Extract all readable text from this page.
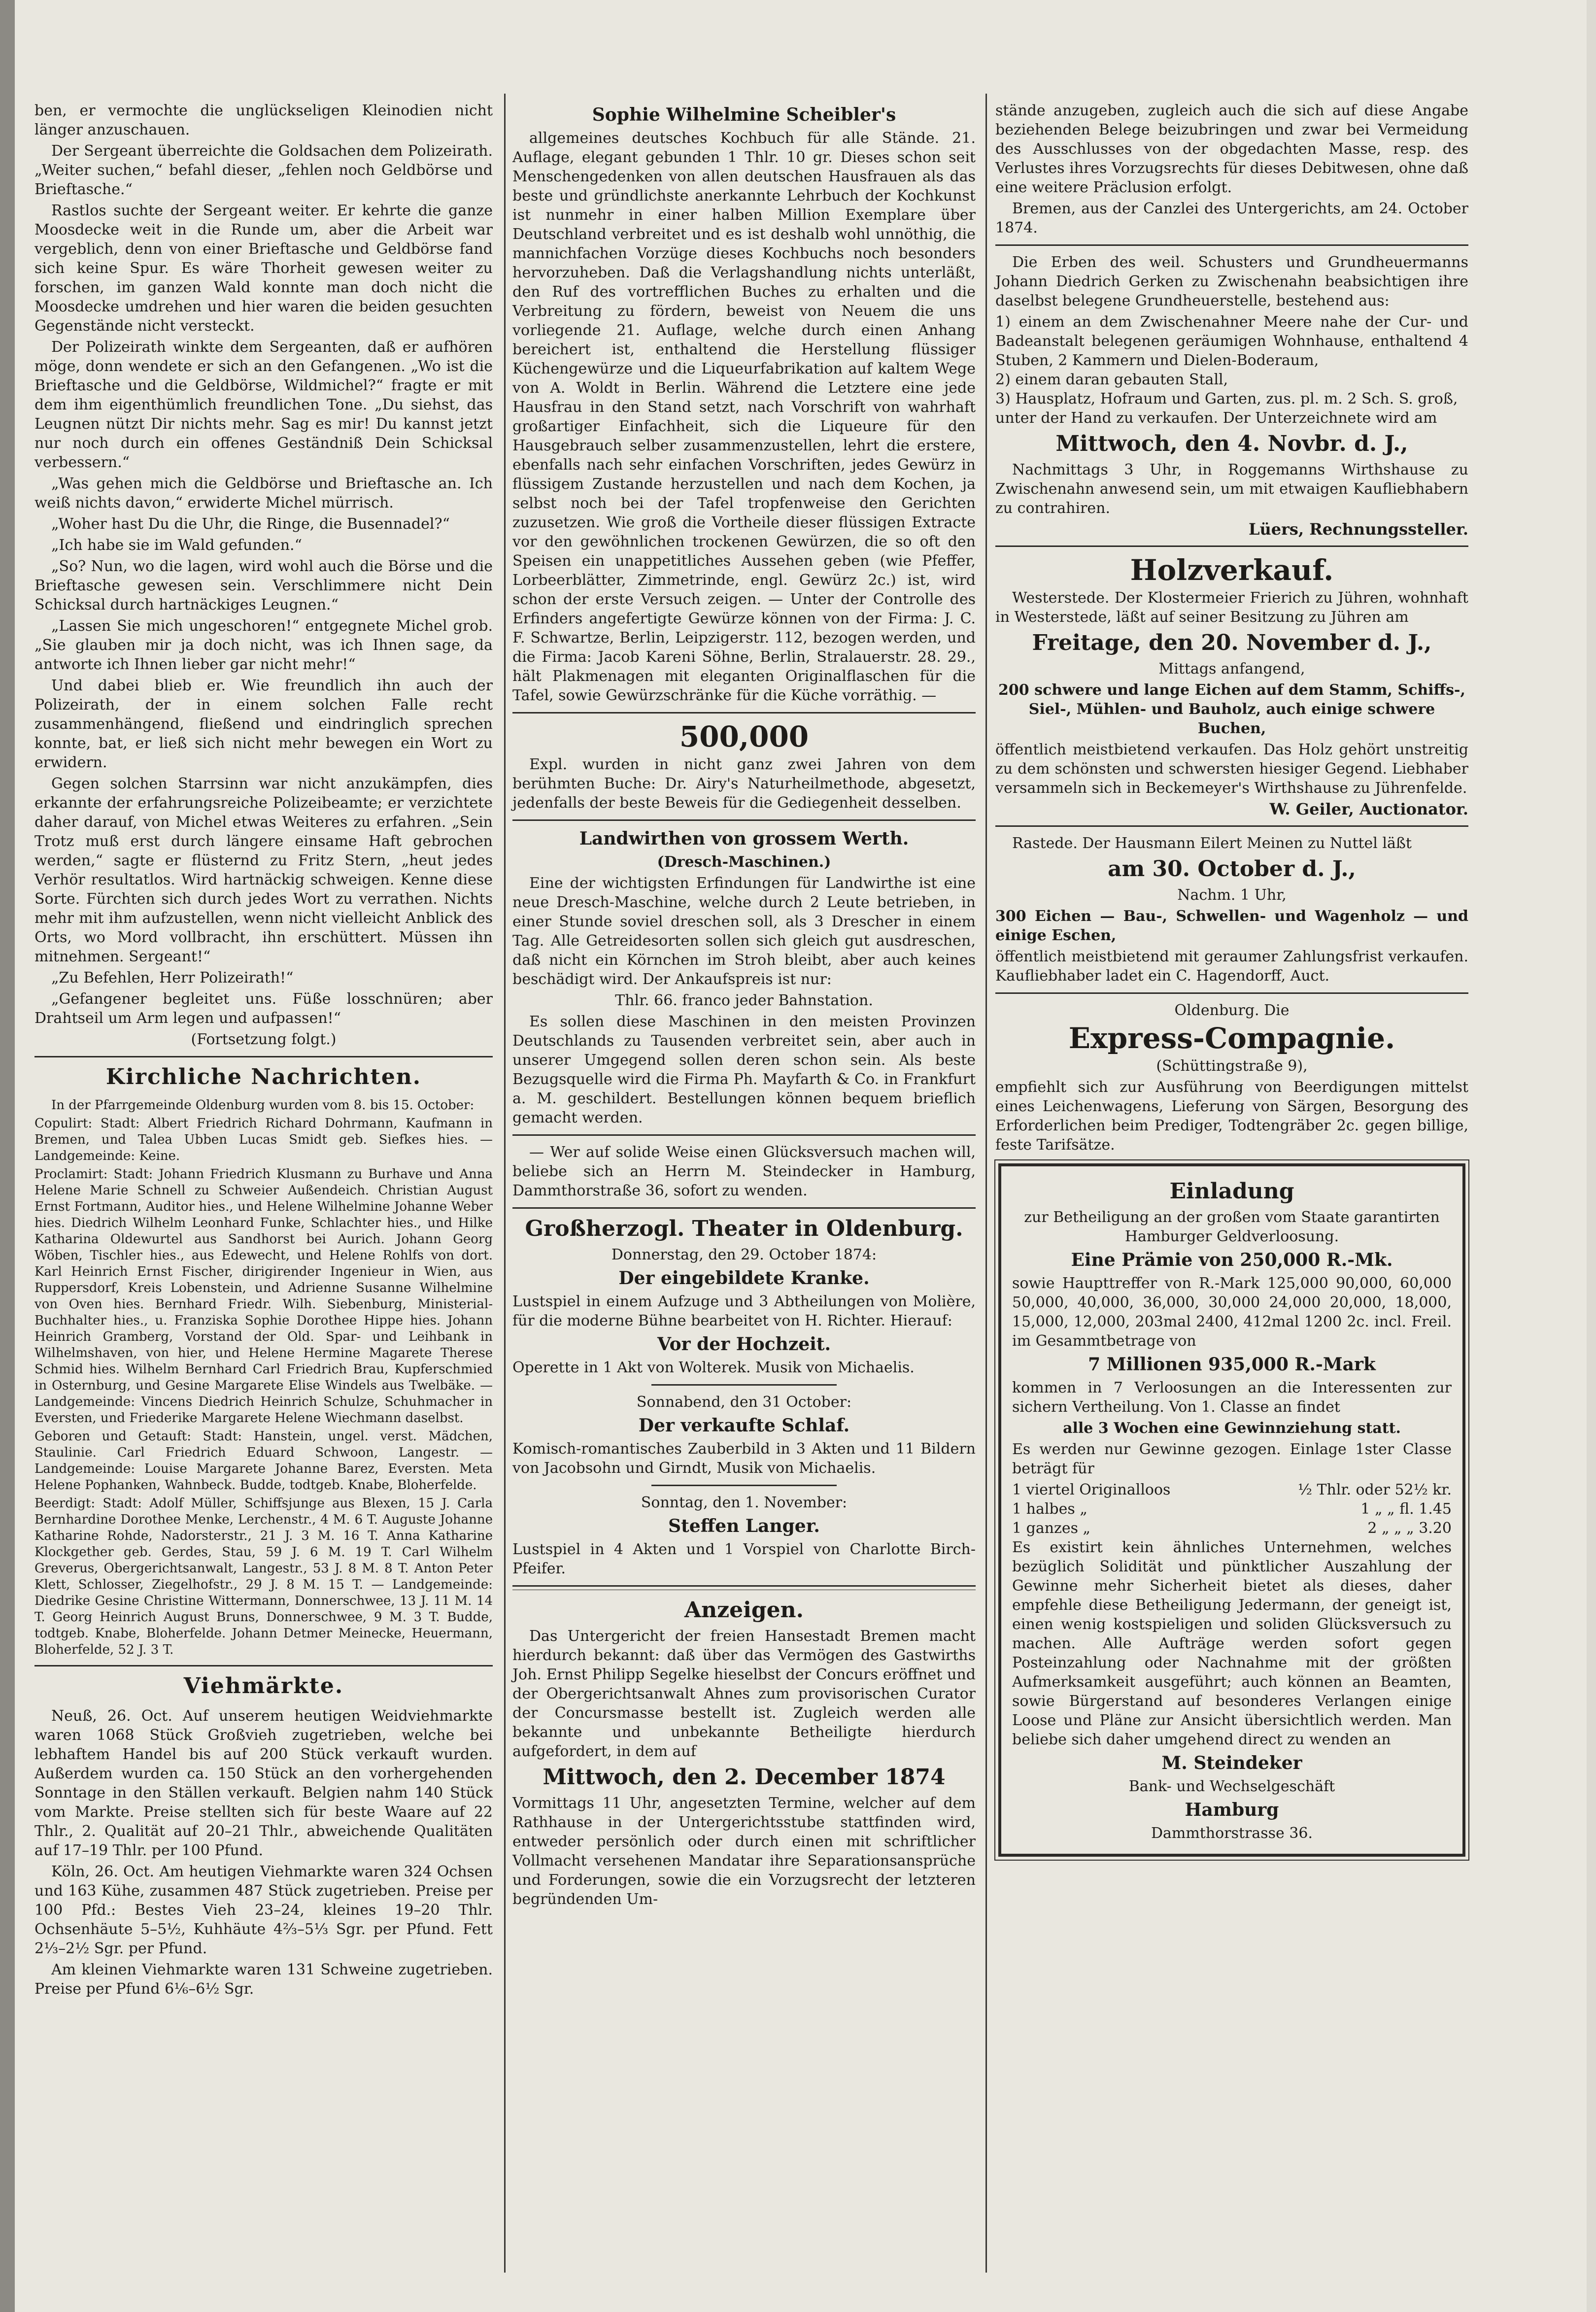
ben, er vermochte die unglückseligen Kleinodien nicht länger anzuschauen.

Der Sergeant überreichte die Goldsachen dem Polizeirath. „Weiter suchen,“ befahl dieser, „fehlen noch Geldbörse und Brieftasche.“

Rastlos suchte der Sergeant weiter. Er kehrte die ganze Moosdecke weit in die Runde um, aber die Arbeit war vergeblich, denn von einer Brieftasche und Geldbörse fand sich keine Spur. Es wäre Thorheit gewesen weiter zu forschen, im ganzen Wald konnte man doch nicht die Moosdecke umdrehen und hier waren die beiden gesuchten Gegenstände nicht versteckt.

Der Polizeirath winkte dem Sergeanten, daß er aufhören möge, donn wendete er sich an den Gefangenen. „Wo ist die Brieftasche und die Geldbörse, Wildmichel?“ fragte er mit dem ihm eigenthümlich freundlichen Tone. „Du siehst, das Leugnen nützt Dir nichts mehr. Sag es mir! Du kannst jetzt nur noch durch ein offenes Geständniß Dein Schicksal verbessern.“

„Was gehen mich die Geldbörse und Brieftasche an. Ich weiß nichts davon,“ erwiderte Michel mürrisch.

„Woher hast Du die Uhr, die Ringe, die Busennadel?“

„Ich habe sie im Wald gefunden.“

„So? Nun, wo die lagen, wird wohl auch die Börse und die Brieftasche gewesen sein. Verschlimmere nicht Dein Schicksal durch hartnäckiges Leugnen.“

„Lassen Sie mich ungeschoren!“ entgegnete Michel grob. „Sie glauben mir ja doch nicht, was ich Ihnen sage, da antworte ich Ihnen lieber gar nicht mehr!“

Und dabei blieb er. Wie freundlich ihn auch der Polizeirath, der in einem solchen Falle recht zusammenhängend, fließend und eindringlich sprechen konnte, bat, er ließ sich nicht mehr bewegen ein Wort zu erwidern.

Gegen solchen Starrsinn war nicht anzukämpfen, dies erkannte der erfahrungsreiche Polizeibeamte; er verzichtete daher darauf, von Michel etwas Weiteres zu erfahren. „Sein Trotz muß erst durch längere einsame Haft gebrochen werden,“ sagte er flüsternd zu Fritz Stern, „heut jedes Verhör resultatlos. Wird hartnäckig schweigen. Kenne diese Sorte. Fürchten sich durch jedes Wort zu verrathen. Nichts mehr mit ihm aufzustellen, wenn nicht vielleicht Anblick des Orts, wo Mord vollbracht, ihn erschüttert. Müssen ihn mitnehmen. Sergeant!“

„Zu Befehlen, Herr Polizeirath!“

„Gefangener begleitet uns. Füße losschnüren; aber Drahtseil um Arm legen und aufpassen!“

(Fortsetzung folgt.)

Kirchliche Nachrichten.

In der Pfarrgemeinde Oldenburg wurden vom 8. bis 15. October:

Copulirt: Stadt: Albert Friedrich Richard Dohrmann, Kaufmann in Bremen, und Talea Ubben Lucas Smidt geb. Siefkes hies. — Landgemeinde: Keine.

Proclamirt: Stadt: Johann Friedrich Klusmann zu Burhave und Anna Helene Marie Schnell zu Schweier Außendeich. Christian August Ernst Fortmann, Auditor hies., und Helene Wilhelmine Johanne Weber hies. Diedrich Wilhelm Leonhard Funke, Schlachter hies., und Hilke Katharina Oldewurtel aus Sandhorst bei Aurich. Johann Georg Wöben, Tischler hies., aus Edewecht, und Helene Rohlfs von dort. Karl Heinrich Ernst Fischer, dirigirender Ingenieur in Wien, aus Ruppersdorf, Kreis Lobenstein, und Adrienne Susanne Wilhelmine von Oven hies. Bernhard Friedr. Wilh. Siebenburg, Ministerial-Buchhalter hies., u. Franziska Sophie Dorothee Hippe hies. Johann Heinrich Gramberg, Vorstand der Old. Spar- und Leihbank in Wilhelmshaven, von hier, und Helene Hermine Magarete Therese Schmid hies. Wilhelm Bernhard Carl Friedrich Brau, Kupferschmied in Osternburg, und Gesine Margarete Elise Windels aus Twelbäke. — Landgemeinde: Vincens Diedrich Heinrich Schulze, Schuhmacher in Eversten, und Friederike Margarete Helene Wiechmann daselbst.

Geboren und Getauft: Stadt: Hanstein, ungel. verst. Mädchen, Staulinie. Carl Friedrich Eduard Schwoon, Langestr. — Landgemeinde: Louise Margarete Johanne Barez, Eversten. Meta Helene Pophanken, Wahnbeck. Budde, todtgeb. Knabe, Bloherfelde.

Beerdigt: Stadt: Adolf Müller, Schiffsjunge aus Blexen, 15 J. Carla Bernhardine Dorothee Menke, Lerchenstr., 4 M. 6 T. Auguste Johanne Katharine Rohde, Nadorsterstr., 21 J. 3 M. 16 T. Anna Katharine Klockgether geb. Gerdes, Stau, 59 J. 6 M. 19 T. Carl Wilhelm Greverus, Obergerichtsanwalt, Langestr., 53 J. 8 M. 8 T. Anton Peter Klett, Schlosser, Ziegelhofstr., 29 J. 8 M. 15 T. — Landgemeinde: Diedrike Gesine Christine Wittermann, Donnerschwee, 13 J. 11 M. 14 T. Georg Heinrich August Bruns, Donnerschwee, 9 M. 3 T. Budde, todtgeb. Knabe, Bloherfelde. Johann Detmer Meinecke, Heuermann, Bloherfelde, 52 J. 3 T.

Viehmärkte.

Neuß, 26. Oct. Auf unserem heutigen Weidviehmarkte waren 1068 Stück Großvieh zugetrieben, welche bei lebhaftem Handel bis auf 200 Stück verkauft wurden. Außerdem wurden ca. 150 Stück an den vorhergehenden Sonntage in den Ställen verkauft. Belgien nahm 140 Stück vom Markte. Preise stellten sich für beste Waare auf 22 Thlr., 2. Qualität auf 20–21 Thlr., abweichende Qualitäten auf 17–19 Thlr. per 100 Pfund.

Köln, 26. Oct. Am heutigen Viehmarkte waren 324 Ochsen und 163 Kühe, zusammen 487 Stück zugetrieben. Preise per 100 Pfd.: Bestes Vieh 23–24, kleines 19–20 Thlr. Ochsenhäute 5–5½, Kuhhäute 4⅔–5⅓ Sgr. per Pfund. Fett 2⅓–2½ Sgr. per Pfund.

Am kleinen Viehmarkte waren 131 Schweine zugetrieben. Preise per Pfund 6⅙–6½ Sgr.

Sophie Wilhelmine Scheibler's

allgemeines deutsches Kochbuch für alle Stände. 21. Auflage, elegant gebunden 1 Thlr. 10 gr. Dieses schon seit Menschengedenken von allen deutschen Hausfrauen als das beste und gründlichste anerkannte Lehrbuch der Kochkunst ist nunmehr in einer halben Million Exemplare über Deutschland verbreitet und es ist deshalb wohl unnöthig, die mannichfachen Vorzüge dieses Kochbuchs noch besonders hervorzuheben. Daß die Verlagshandlung nichts unterläßt, den Ruf des vortrefflichen Buches zu erhalten und die Verbreitung zu fördern, beweist von Neuem die uns vorliegende 21. Auflage, welche durch einen Anhang bereichert ist, enthaltend die Herstellung flüssiger Küchengewürze und die Liqueurfabrikation auf kaltem Wege von A. Woldt in Berlin. Während die Letztere eine jede Hausfrau in den Stand setzt, nach Vorschrift von wahrhaft großartiger Einfachheit, sich die Liqueure für den Hausgebrauch selber zusammenzustellen, lehrt die erstere, ebenfalls nach sehr einfachen Vorschriften, jedes Gewürz in flüssigem Zustande herzustellen und nach dem Kochen, ja selbst noch bei der Tafel tropfenweise den Gerichten zuzusetzen. Wie groß die Vortheile dieser flüssigen Extracte vor den gewöhnlichen trockenen Gewürzen, die so oft den Speisen ein unappetitliches Aussehen geben (wie Pfeffer, Lorbeerblätter, Zimmetrinde, engl. Gewürz 2c.) ist, wird schon der erste Versuch zeigen. — Unter der Controlle des Erfinders angefertigte Gewürze können von der Firma: J. C. F. Schwartze, Berlin, Leipzigerstr. 112, bezogen werden, und die Firma: Jacob Kareni Söhne, Berlin, Stralauerstr. 28. 29., hält Plakmenagen mit eleganten Originalflaschen für die Tafel, sowie Gewürzschränke für die Küche vorräthig. —

500,000

Expl. wurden in nicht ganz zwei Jahren von dem berühmten Buche: Dr. Airy's Naturheilmethode, abgesetzt, jedenfalls der beste Beweis für die Gediegenheit desselben.

Landwirthen von grossem Werth.

(Dresch-Maschinen.)

Eine der wichtigsten Erfindungen für Landwirthe ist eine neue Dresch-Maschine, welche durch 2 Leute betrieben, in einer Stunde soviel dreschen soll, als 3 Drescher in einem Tag. Alle Getreidesorten sollen sich gleich gut ausdreschen, daß nicht ein Körnchen im Stroh bleibt, aber auch keines beschädigt wird. Der Ankaufspreis ist nur:

Thlr. 66. franco jeder Bahnstation.

Es sollen diese Maschinen in den meisten Provinzen Deutschlands zu Tausenden verbreitet sein, aber auch in unserer Umgegend sollen deren schon sein. Als beste Bezugsquelle wird die Firma Ph. Mayfarth & Co. in Frankfurt a. M. geschildert. Bestellungen können bequem brieflich gemacht werden.

— Wer auf solide Weise einen Glücksversuch machen will, beliebe sich an Herrn M. Steindecker in Hamburg, Dammthorstraße 36, sofort zu wenden.

Großherzogl. Theater in Oldenburg.

Donnerstag, den 29. October 1874:

Der eingebildete Kranke.

Lustspiel in einem Aufzuge und 3 Abtheilungen von Molière, für die moderne Bühne bearbeitet von H. Richter. Hierauf:

Vor der Hochzeit.

Operette in 1 Akt von Wolterek. Musik von Michaelis.

Sonnabend, den 31 October:

Der verkaufte Schlaf.

Komisch-romantisches Zauberbild in 3 Akten und 11 Bildern von Jacobsohn und Girndt, Musik von Michaelis.

Sonntag, den 1. November:

Steffen Langer.

Lustspiel in 4 Akten und 1 Vorspiel von Charlotte Birch-Pfeifer.

Anzeigen.

Das Untergericht der freien Hansestadt Bremen macht hierdurch bekannt: daß über das Vermögen des Gastwirths Joh. Ernst Philipp Segelke hieselbst der Concurs eröffnet und der Obergerichtsanwalt Ahnes zum provisorischen Curator der Concursmasse bestellt ist. Zugleich werden alle bekannte und unbekannte Betheiligte hierdurch aufgefordert, in dem auf

Mittwoch, den 2. December 1874

Vormittags 11 Uhr, angesetzten Termine, welcher auf dem Rathhause in der Untergerichtsstube stattfinden wird, entweder persönlich oder durch einen mit schriftlicher Vollmacht versehenen Mandatar ihre Separationsansprüche und Forderungen, sowie die ein Vorzugsrecht der letzteren begründenden Um-

stände anzugeben, zugleich auch die sich auf diese Angabe beziehenden Belege beizubringen und zwar bei Vermeidung des Ausschlusses von der obgedachten Masse, resp. des Verlustes ihres Vorzugsrechts für dieses Debitwesen, ohne daß eine weitere Präclusion erfolgt.

Bremen, aus der Canzlei des Untergerichts, am 24. October 1874.

Die Erben des weil. Schusters und Grundheuermanns Johann Diedrich Gerken zu Zwischenahn beabsichtigen ihre daselbst belegene Grundheuerstelle, bestehend aus:

1) einem an dem Zwischenahner Meere nahe der Cur- und Badeanstalt belegenen geräumigen Wohnhause, enthaltend 4 Stuben, 2 Kammern und Dielen-Boderaum,
2) einem daran gebauten Stall,
3) Hausplatz, Hofraum und Garten, zus. pl. m. 2 Sch. S. groß,

unter der Hand zu verkaufen. Der Unterzeichnete wird am

Mittwoch, den 4. Novbr. d. J.,

Nachmittags 3 Uhr, in Roggemanns Wirthshause zu Zwischenahn anwesend sein, um mit etwaigen Kaufliebhabern zu contrahiren.

Lüers, Rechnungssteller.
Holzverkauf.

Westerstede. Der Klostermeier Frierich zu Jühren, wohnhaft in Westerstede, läßt auf seiner Besitzung zu Jühren am

Freitage, den 20. November d. J.,

Mittags anfangend,

200 schwere und lange Eichen auf dem Stamm, Schiffs-, Siel-, Mühlen- und Bauholz, auch einige schwere Buchen,

öffentlich meistbietend verkaufen. Das Holz gehört unstreitig zu dem schönsten und schwersten hiesiger Gegend. Liebhaber versammeln sich in Beckemeyer's Wirthshause zu Jührenfelde.

W. Geiler, Auctionator.

Rastede. Der Hausmann Eilert Meinen zu Nuttel läßt

am 30. October d. J.,

Nachm. 1 Uhr,

300 Eichen — Bau-, Schwellen- und Wagenholz — und einige Eschen,

öffentlich meistbietend mit geraumer Zahlungsfrist verkaufen. Kaufliebhaber ladet ein C. Hagendorff, Auct.

Oldenburg. Die

Express-Compagnie.

(Schüttingstraße 9),

empfiehlt sich zur Ausführung von Beerdigungen mittelst eines Leichenwagens, Lieferung von Särgen, Besorgung des Erforderlichen beim Prediger, Todtengräber 2c. gegen billige, feste Tarifsätze.

Einladung

zur Betheiligung an der großen vom Staate garantirten Hamburger Geldverloosung.

Eine Prämie von 250,000 R.-Mk.

sowie Haupttreffer von R.-Mark 125,000 90,000, 60,000 50,000, 40,000, 36,000, 30,000 24,000 20,000, 18,000, 15,000, 12,000, 203mal 2400, 412mal 1200 2c. incl. Freil. im Gesammtbetrage von

7 Millionen 935,000 R.-Mark

kommen in 7 Verloosungen an die Interessenten zur sichern Vertheilung. Von 1. Classe an findet

alle 3 Wochen eine Gewinnziehung statt.

Es werden nur Gewinne gezogen. Einlage 1ster Classe beträgt für

1 viertel Originalloos	½ Thlr. oder 52½ kr.
1 halbes „	1 „ „ fl. 1.45
1 ganzes „	2 „ „ „ 3.20

Es existirt kein ähnliches Unternehmen, welches bezüglich Solidität und pünktlicher Auszahlung der Gewinne mehr Sicherheit bietet als dieses, daher empfehle diese Betheiligung Jedermann, der geneigt ist, einen wenig kostspieligen und soliden Glücksversuch zu machen. Alle Aufträge werden sofort gegen Posteinzahlung oder Nachnahme mit der größten Aufmerksamkeit ausgeführt; auch können an Beamten, sowie Bürgerstand auf besonderes Verlangen einige Loose und Pläne zur Ansicht übersichtlich werden. Man beliebe sich daher umgehend direct zu wenden an

M. Steindeker

Bank- und Wechselgeschäft

Hamburg

Dammthorstrasse 36.
